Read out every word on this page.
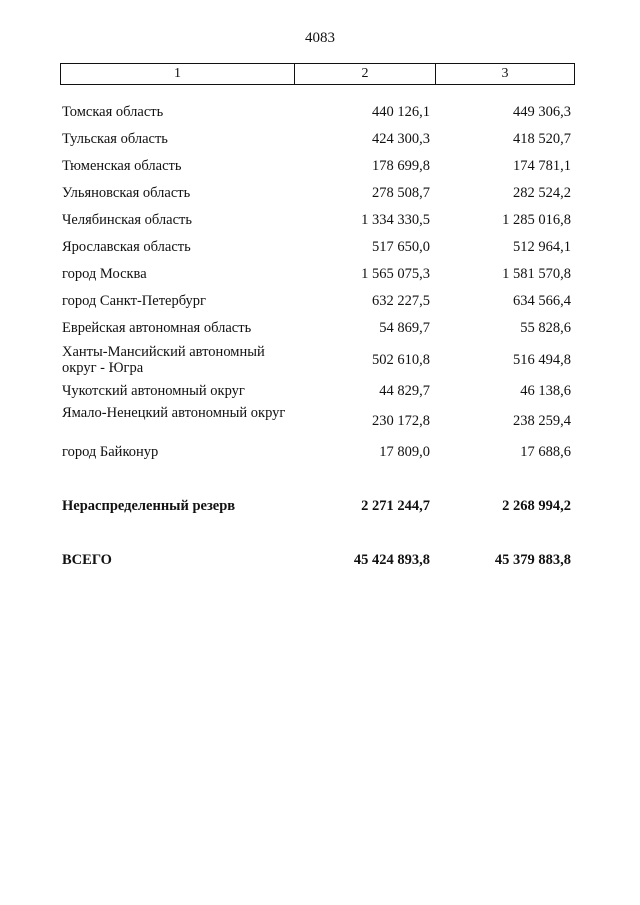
4083
1	2	3
Томская область	440 126,1	449 306,3
Тульская область	424 300,3	418 520,7
Тюменская область	178 699,8	174 781,1
Ульяновская область	278 508,7	282 524,2
Челябинская область	1 334 330,5	1 285 016,8
Ярославская область	517 650,0	512 964,1
город Москва	1 565 075,3	1 581 570,8
город Санкт-Петербург	632 227,5	634 566,4
Еврейская автономная область	54 869,7	55 828,6
Ханты-Мансийский автономный округ - Югра	502 610,8	516 494,8
Чукотский автономный округ	44 829,7	46 138,6
Ямало-Ненецкий автономный округ	230 172,8	238 259,4
город Байконур	17 809,0	17 688,6
Нераспределенный резерв	2 271 244,7	2 268 994,2
ВСЕГО	45 424 893,8	45 379 883,8
